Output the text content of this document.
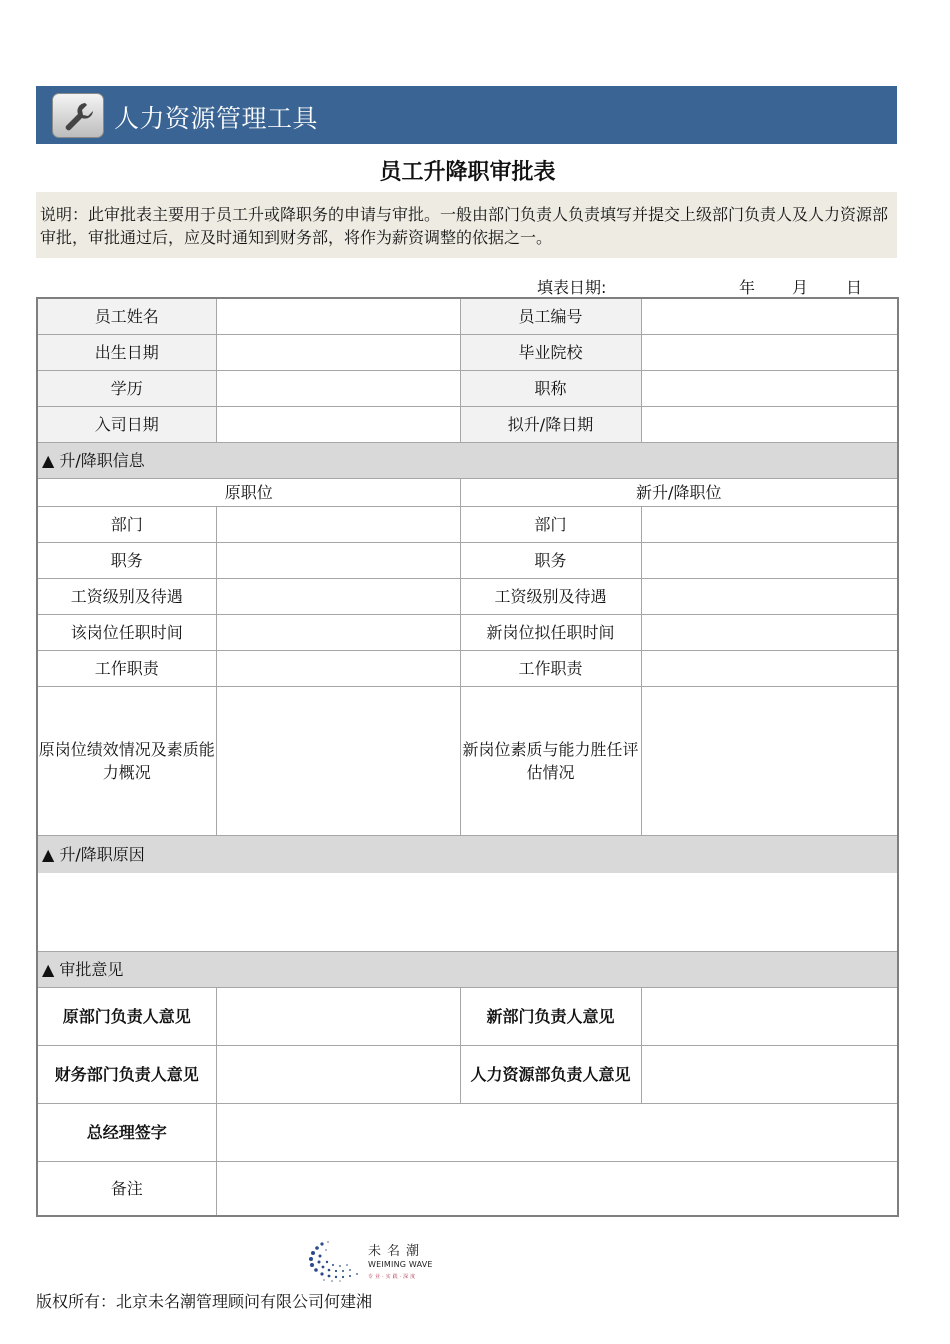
人力资源管理工具
员工升降职审批表
说明：此审批表主要用于员工升或降职务的申请与审批。一般由部门负责人负责填写并提交上级部门负责人及人力资源部审批，审批通过后，应及时通知到财务部，将作为薪资调整的依据之一。
填表日期:	年 月 日
员工姓名		员工编号	
出生日期		毕业院校	
学历		职称	
入司日期		拟升/降日期	
▲ 升/降职信息			
原职位		新升/降职位	
部门		部门	
职务		职务	
工资级别及待遇		工资级别及待遇	
该岗位任职时间		新岗位拟任职时间	
工作职责		工作职责	
原岗位绩效情况及素质能力概况		新岗位素质与能力胜任评估情况	
▲ 升/降职原因			

▲ 审批意见			
原部门负责人意见		新部门负责人意见	
财务部门负责人意见		人力资源部负责人意见	
总经理签字			
备注			
未名潮
WEIMING WAVE
专业·实践·深度
版权所有：北京未名潮管理顾问有限公司何建湘
